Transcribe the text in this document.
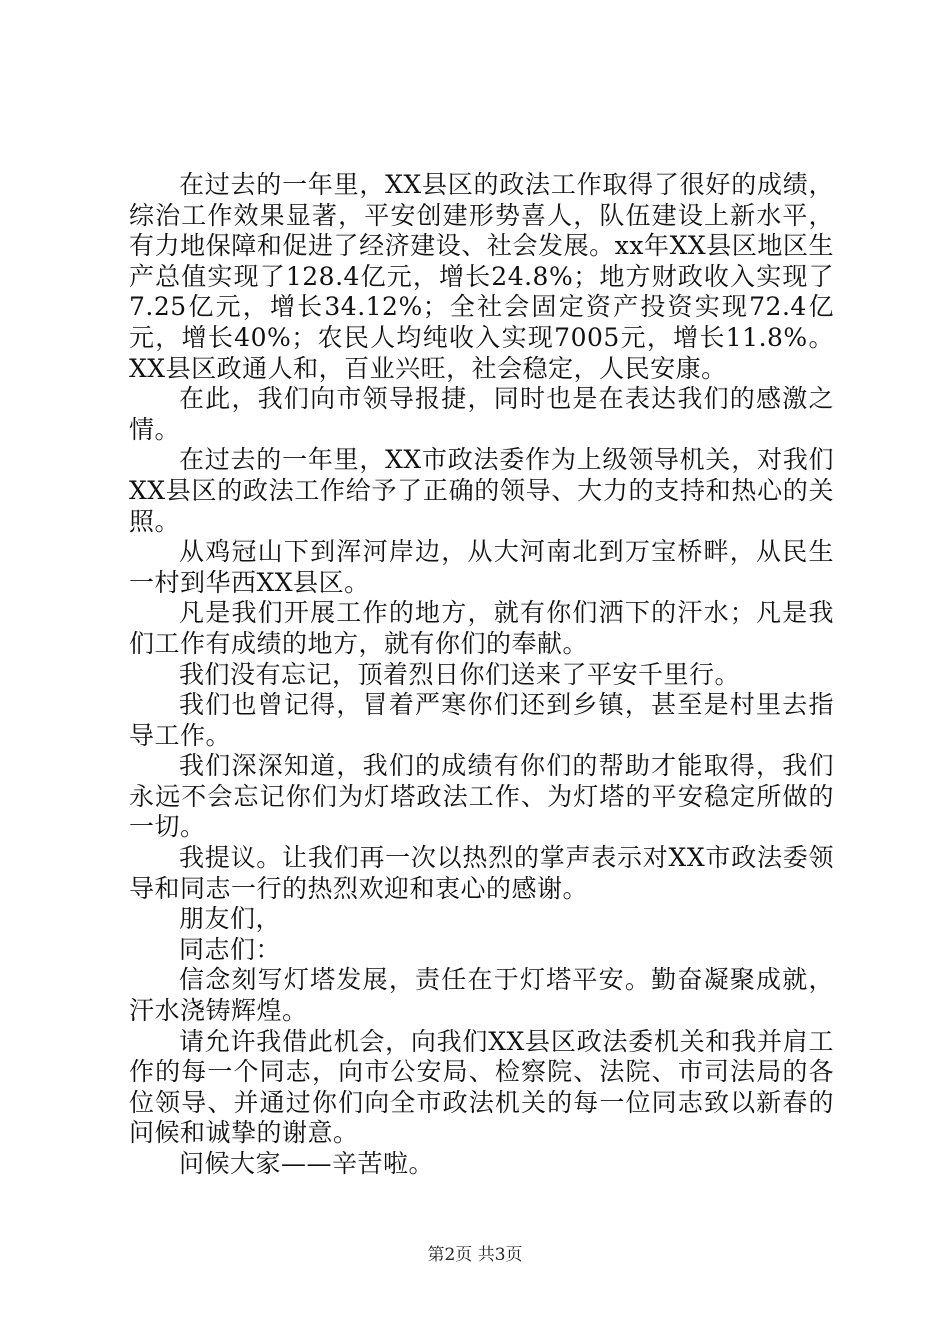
在过去的一年里，XX县区的政法工作取得了很好的成绩，综治工作效果显著，平安创建形势喜人，队伍建设上新水平，有力地保障和促进了经济建设、社会发展。xx年XX县区地区生产总值实现了128.4亿元，增长24.8%；地方财政收入实现了7.25亿元，增长34.12%；全社会固定资产投资实现72.4亿元，增长40%；农民人均纯收入实现7005元，增长11.8%。XX县区政通人和，百业兴旺，社会稳定，人民安康。

在此，我们向市领导报捷，同时也是在表达我们的感激之情。

在过去的一年里，XX市政法委作为上级领导机关，对我们XX县区的政法工作给予了正确的领导、大力的支持和热心的关照。

从鸡冠山下到浑河岸边，从大河南北到万宝桥畔，从民生一村到华西XX县区。

凡是我们开展工作的地方，就有你们洒下的汗水；凡是我们工作有成绩的地方，就有你们的奉献。

我们没有忘记，顶着烈日你们送来了平安千里行。

我们也曾记得，冒着严寒你们还到乡镇，甚至是村里去指导工作。

我们深深知道，我们的成绩有你们的帮助才能取得，我们永远不会忘记你们为灯塔政法工作、为灯塔的平安稳定所做的一切。

我提议。让我们再一次以热烈的掌声表示对XX市政法委领导和同志一行的热烈欢迎和衷心的感谢。

朋友们，

同志们：

信念刻写灯塔发展，责任在于灯塔平安。勤奋凝聚成就，汗水浇铸辉煌。

请允许我借此机会，向我们XX县区政法委机关和我并肩工作的每一个同志，向市公安局、检察院、法院、市司法局的各位领导、并通过你们向全市政法机关的每一位同志致以新春的问候和诚挚的谢意。

问候大家——辛苦啦。

第2页 共3页
